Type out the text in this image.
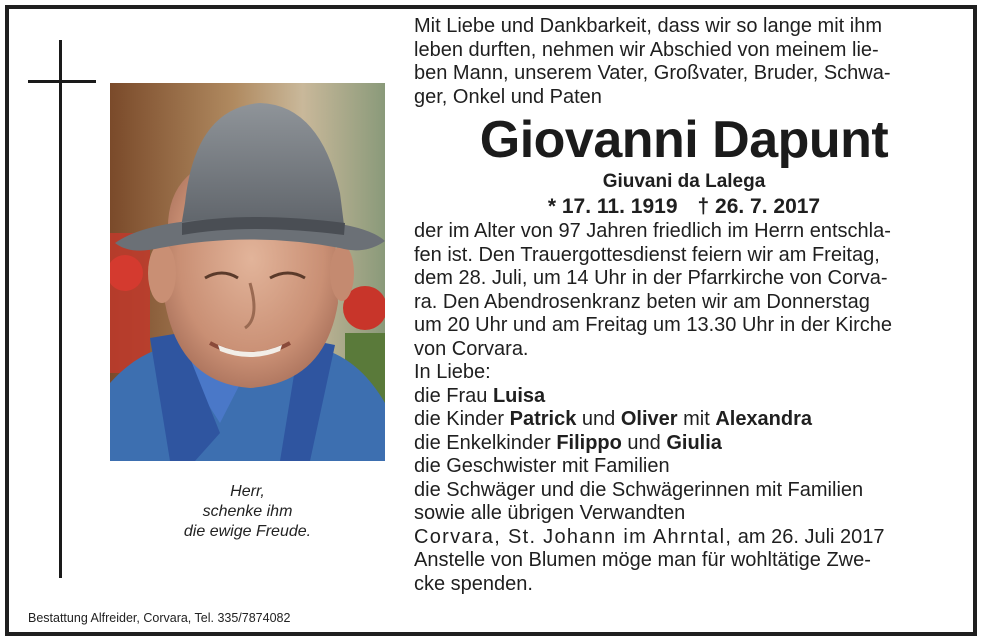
Herr,
schenke ihm
die ewige Freude.
Bestattung Alfreider, Corvara, Tel. 335/7874082
Mit Liebe und Dankbarkeit, dass wir so lange mit ihm
leben durften, nehmen wir Abschied von meinem lie-
ben Mann, unserem Vater, Großvater, Bruder, Schwa-
ger, Onkel und Paten
Giovanni Dapunt
Giuvani da Lalega
* 17. 11. 1919 † 26. 7. 2017
der im Alter von 97 Jahren friedlich im Herrn entschla-
fen ist. Den Trauergottesdienst feiern wir am Freitag,
dem 28. Juli, um 14 Uhr in der Pfarrkirche von Corva-
ra. Den Abendrosenkranz beten wir am Donnerstag
um 20 Uhr und am Freitag um 13.30 Uhr in der Kirche
von Corvara.
In Liebe:
die Frau Luisa
die Kinder Patrick und Oliver mit Alexandra
die Enkelkinder Filippo und Giulia
die Geschwister mit Familien
die Schwäger und die Schwägerinnen mit Familien
sowie alle übrigen Verwandten
Corvara, St. Johann im Ahrntal, am 26. Juli 2017
Anstelle von Blumen möge man für wohltätige Zwe-
cke spenden.
